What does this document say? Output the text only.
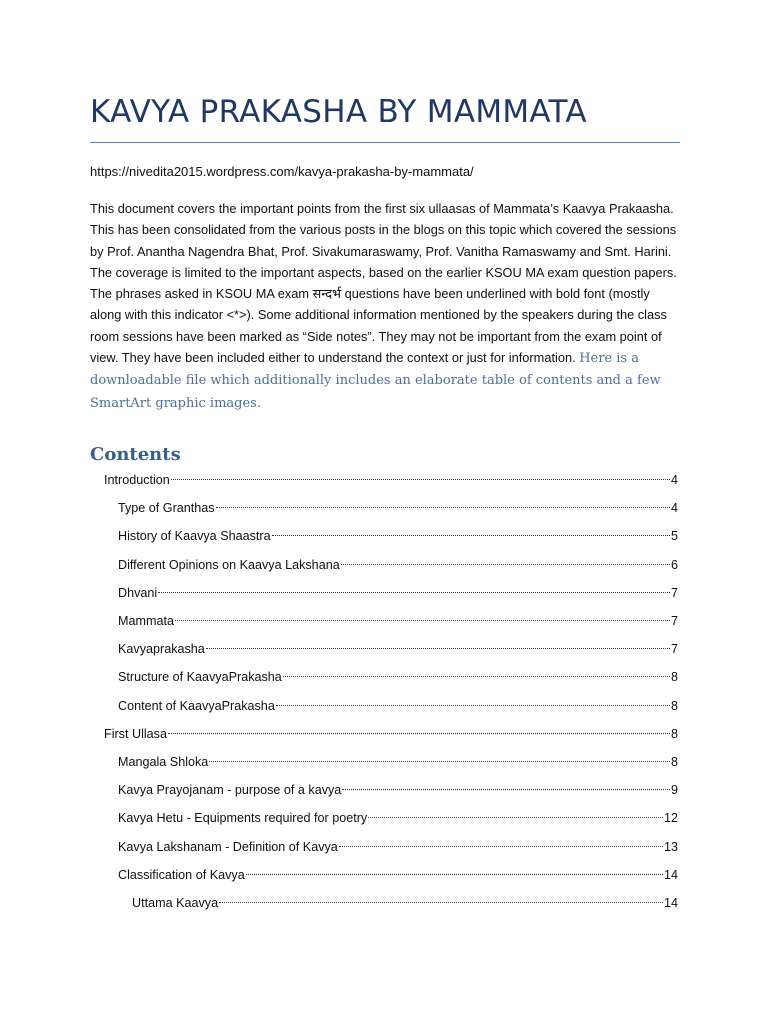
KAVYA PRAKASHA BY MAMMATA
https://nivedita2015.wordpress.com/kavya-prakasha-by-mammata/

This document covers the important points from the first six ullaasas of Mammata’s Kaavya Prakaasha. This has been consolidated from the various posts in the blogs on this topic which covered the sessions by Prof. Anantha Nagendra Bhat, Prof. Sivakumaraswamy, Prof. Vanitha Ramaswamy and Smt. Harini. The coverage is limited to the important aspects, based on the earlier KSOU MA exam question papers. The phrases asked in KSOU MA exam सन्दर्भ questions have been underlined with bold font (mostly along with this indicator <*>). Some additional information mentioned by the speakers during the class room sessions have been marked as “Side notes”. They may not be important from the exam point of view. They have been included either to understand the context or just for information. Here is a downloadable file which additionally includes an elaborate table of contents and a few SmartArt graphic images.

Contents
Introduction	4
Type of Granthas	4
History of Kaavya Shaastra	5
Different Opinions on Kaavya Lakshana	6
Dhvani	7
Mammata	7
Kavyaprakasha	7
Structure of KaavyaPrakasha	8
Content of KaavyaPrakasha	8
First Ullasa	8
Mangala Shloka	8
Kavya Prayojanam - purpose of a kavya	9
Kavya Hetu - Equipments required for poetry	12
Kavya Lakshanam - Definition of Kavya	13
Classification of Kavya	14
Uttama Kaavya	14
